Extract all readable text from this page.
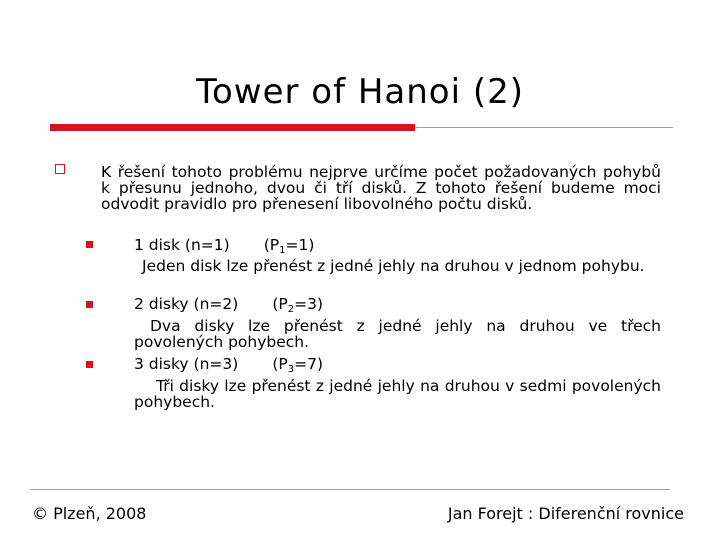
Tower of Hanoi (2)
K řešení tohoto problému nejprve určíme počet požadovaných pohybů k přesunu jednoho, dvou či tří disků. Z tohoto řešení budeme moci odvodit pravidlo pro přenesení libovolného počtu disků.
1 disk (n=1) $(P_1=1)$
Jeden disk lze přenést z jedné jehly na druhou v jednom pohybu.
2 disky (n=2) $(P_2=3)$
Dva disky lze přenést z jedné jehly na druhou ve třech povolených pohybech.
3 disky (n=3) $(P_3=7)$
Tři disky lze přenést z jedné jehly na druhou v sedmi povolených pohybech.
© Plzeň, 2008	Jan Forejt : Diferenční rovnice
